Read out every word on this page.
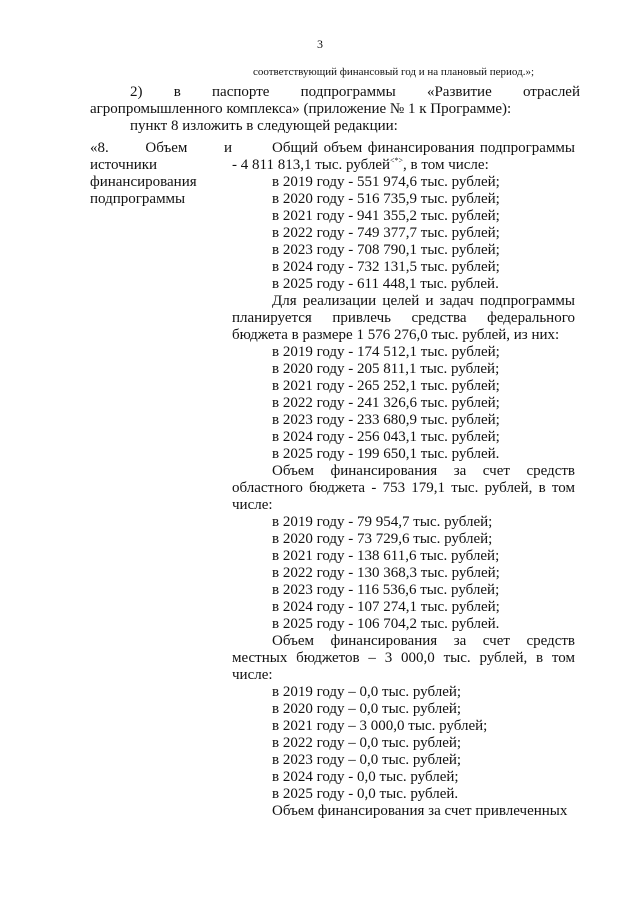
3
соответствующий финансовый год и на плановый период.»;
2) в паспорте подпрограммы «Развитие отраслей
агропромышленного комплекса» (приложение № 1 к Программе):
пункт 8 изложить в следующей редакции:
«8. Объем и
источники
финансирования
подпрограммы
Общий объем финансирования подпрограммы - 4 811 813,1 тыс. рублей<*>, в том числе:
в 2019 году - 551 974,6 тыс. рублей;
в 2020 году - 516 735,9 тыс. рублей;
в 2021 году - 941 355,2 тыс. рублей;
в 2022 году - 749 377,7 тыс. рублей;
в 2023 году - 708 790,1 тыс. рублей;
в 2024 году - 732 131,5 тыс. рублей;
в 2025 году - 611 448,1 тыс. рублей.
Для реализации целей и задач подпрограммы планируется привлечь средства федерального бюджета в размере 1 576 276,0 тыс. рублей, из них:
в 2019 году - 174 512,1 тыс. рублей;
в 2020 году - 205 811,1 тыс. рублей;
в 2021 году - 265 252,1 тыс. рублей;
в 2022 году - 241 326,6 тыс. рублей;
в 2023 году - 233 680,9 тыс. рублей;
в 2024 году - 256 043,1 тыс. рублей;
в 2025 году - 199 650,1 тыс. рублей.
Объем финансирования за счет средств областного бюджета - 753 179,1 тыс. рублей, в том числе:
в 2019 году - 79 954,7 тыс. рублей;
в 2020 году - 73 729,6 тыс. рублей;
в 2021 году - 138 611,6 тыс. рублей;
в 2022 году - 130 368,3 тыс. рублей;
в 2023 году - 116 536,6 тыс. рублей;
в 2024 году - 107 274,1 тыс. рублей;
в 2025 году - 106 704,2 тыс. рублей.
Объем финансирования за счет средств местных бюджетов – 3 000,0 тыс. рублей, в том числе:
в 2019 году – 0,0 тыс. рублей;
в 2020 году – 0,0 тыс. рублей;
в 2021 году – 3 000,0 тыс. рублей;
в 2022 году – 0,0 тыс. рублей;
в 2023 году – 0,0 тыс. рублей;
в 2024 году - 0,0 тыс. рублей;
в 2025 году - 0,0 тыс. рублей.
Объем финансирования за счет привлеченных
